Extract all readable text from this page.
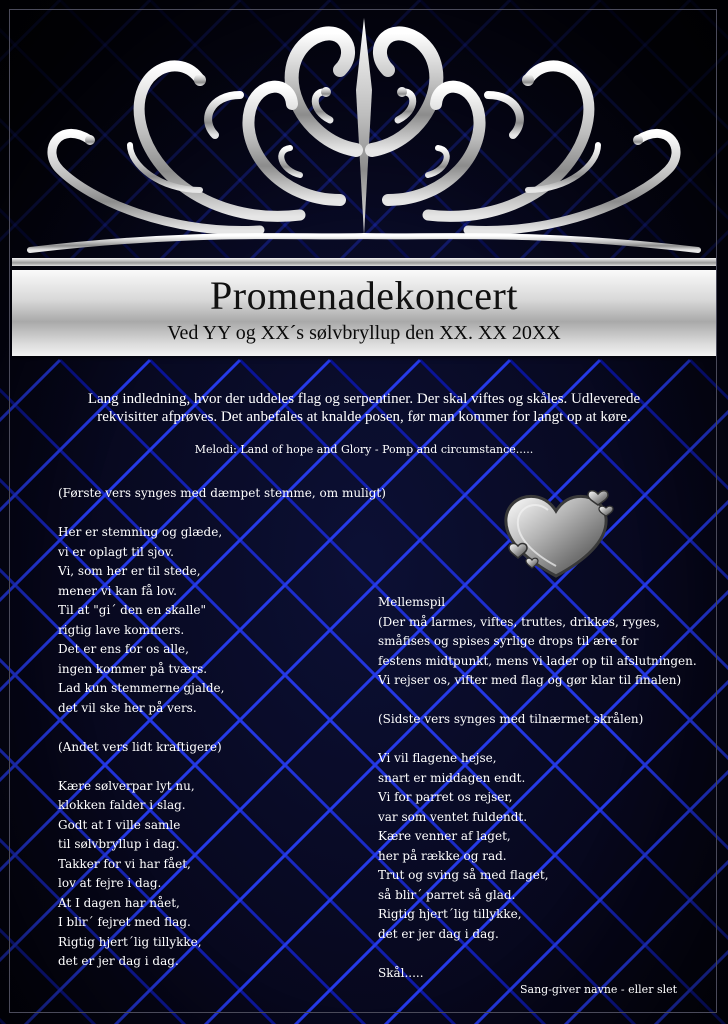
Promenadekoncert
Ved YY og XX´s sølvbryllup den XX. XX 20XX
Lang indledning, hvor der uddeles flag og serpentiner. Der skal viftes og skåles. Udleverede
rekvisitter afprøves. Det anbefales at knalde posen, før man kommer for langt op at køre.
Melodi: Land of hope and Glory - Pomp and circumstance.....
(Første vers synges med dæmpet stemme, om muligt)
Her er stemning og glæde,
vi er oplagt til sjov.
Vi, som her er til stede,
mener vi kan få lov.
Til at "gi´ den en skalle"
rigtig lave kommers.
Det er ens for os alle,
ingen kommer på tværs.
Lad kun stemmerne gjalde,
det vil ske her på vers.
(Andet vers lidt kraftigere)
Kære sølverpar lyt nu,
klokken falder i slag.
Godt at I ville samle
til sølvbryllup i dag.
Takker for vi har fået,
lov at fejre i dag.
At I dagen har nået,
I blir´ fejret med flag.
Rigtig hjert´lig tillykke,
det er jer dag i dag.
Mellemspil
(Der må larmes, viftes, truttes, drikkes, ryges,
småfises og spises syrlige drops til ære for
festens midtpunkt, mens vi lader op til afslutningen.
Vi rejser os, vifter med flag og gør klar til finalen)
(Sidste vers synges med tilnærmet skrålen)
Vi vil flagene hejse,
snart er middagen endt.
Vi for parret os rejser,
var som ventet fuldendt.
Kære venner af laget,
her på række og rad.
Trut og sving så med flaget,
så blir´ parret så glad.
Rigtig hjert´lig tillykke,
det er jer dag i dag.
Skål.....
Sang-giver navne - eller slet
